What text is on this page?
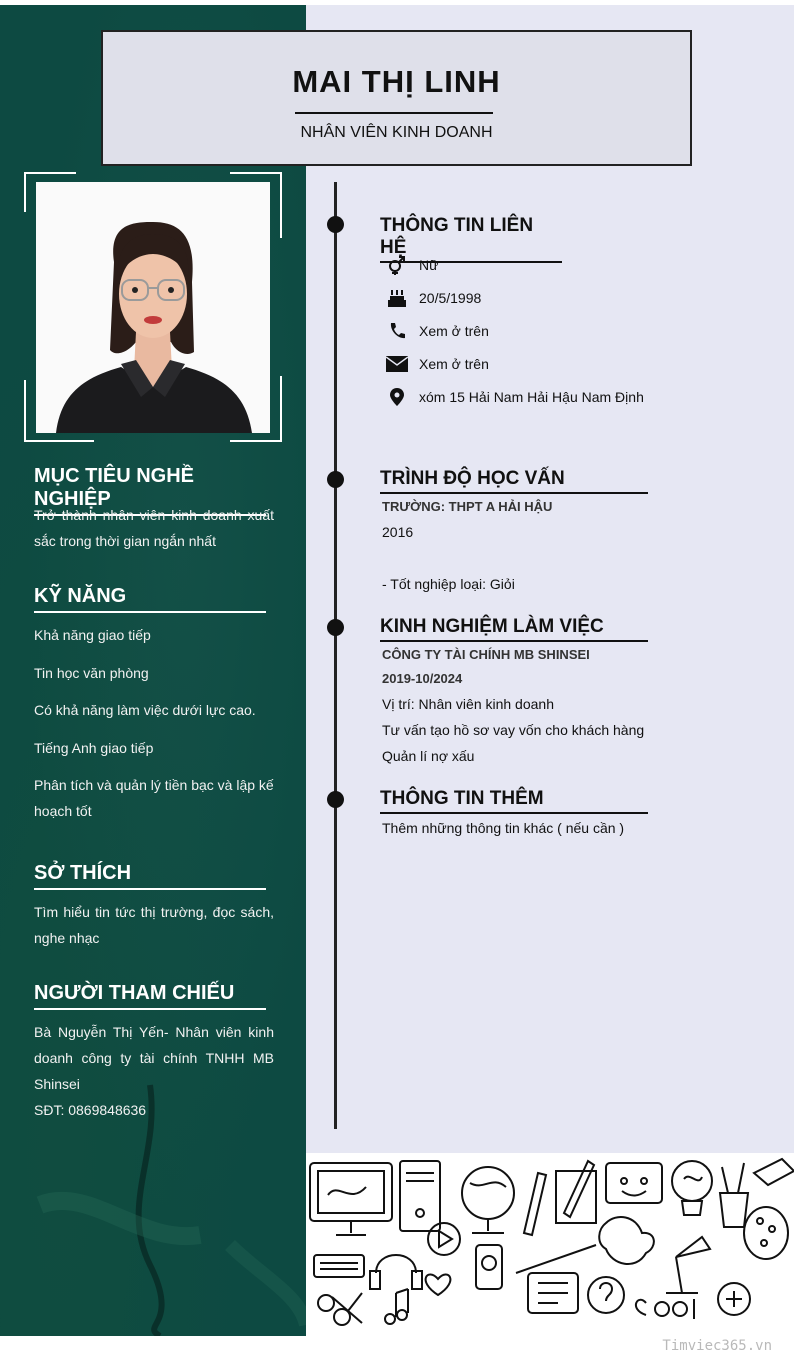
MAI THỊ LINH
NHÂN VIÊN KINH DOANH
MỤC TIÊU NGHỀ NGHIỆP
Trở thành nhân viên kinh doanh xuất sắc trong thời gian ngắn nhất
KỸ NĂNG
Khả năng giao tiếp
Tin học văn phòng
Có khả năng làm việc dưới lực cao.
Tiếng Anh giao tiếp
Phân tích và quản lý tiền bạc và lập kế hoạch tốt
SỞ THÍCH
Tìm hiểu tin tức thị trường, đọc sách, nghe nhạc
NGƯỜI THAM CHIẾU
Bà Nguyễn Thị Yến- Nhân viên kinh doanh công ty tài chính TNHH MB Shinsei
SĐT: 0869848636
THÔNG TIN LIÊN HỆ
Nữ
20/5/1998
Xem ở trên
Xem ở trên
xóm 15 Hải Nam Hải Hậu Nam Định
TRÌNH ĐỘ HỌC VẤN
TRƯỜNG: THPT A HẢI HẬU
2016
- Tốt nghiệp loại: Giỏi
KINH NGHIỆM LÀM VIỆC
CÔNG TY TÀI CHÍNH MB SHINSEI
2019-10/2024
Vị trí: Nhân viên kinh doanh
Tư vấn tạo hồ sơ vay vốn cho khách hàng
Quản lí nợ xấu
THÔNG TIN THÊM
Thêm những thông tin khác ( nếu cần )
Timviec365.vn
